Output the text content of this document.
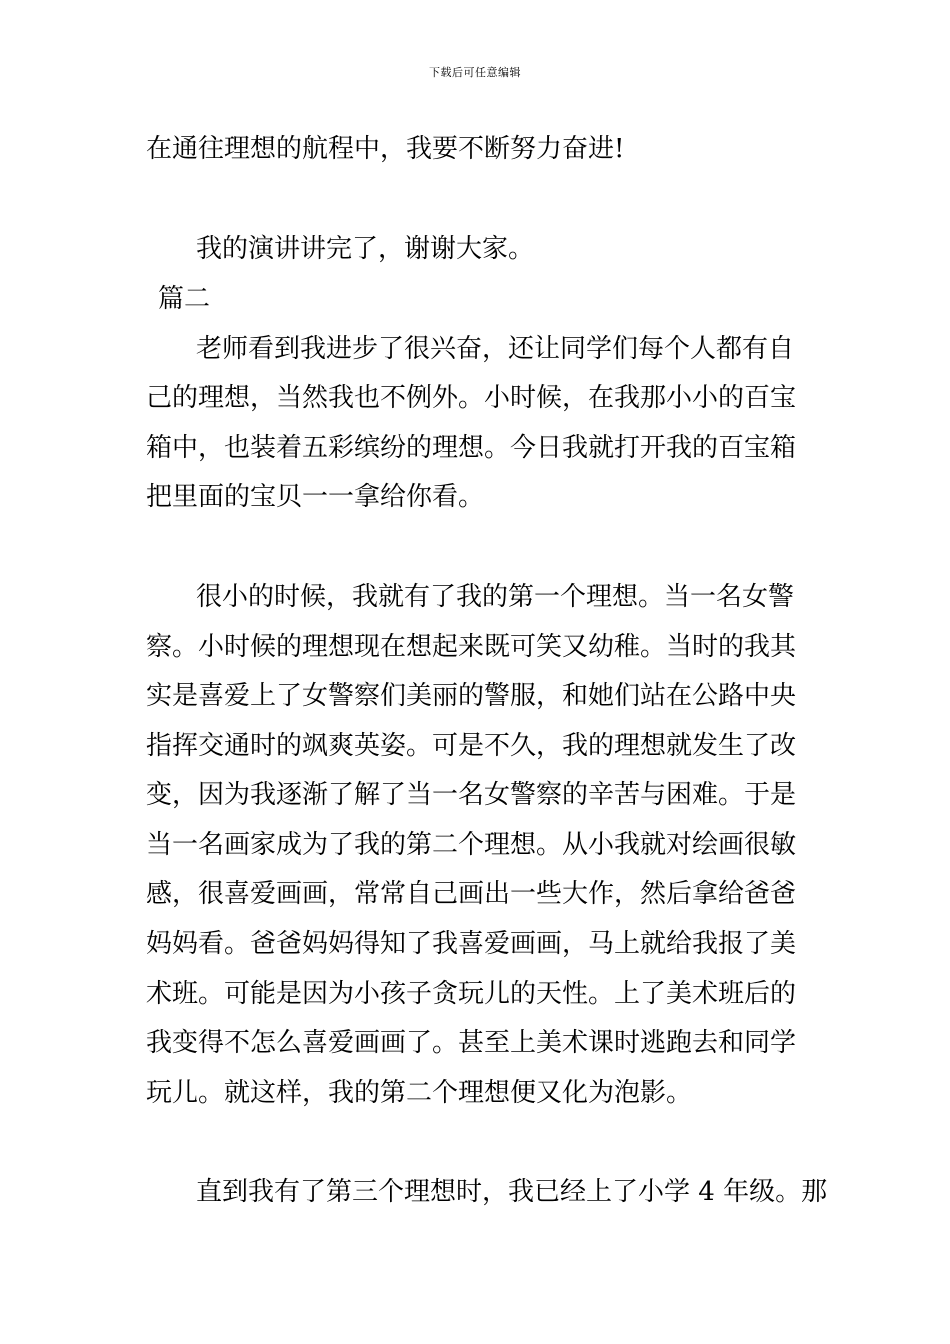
下载后可任意编辑
在通往理想的航程中，我要不断努力奋进!
我的演讲讲完了，谢谢大家。
篇二
老师看到我进步了很兴奋，还让同学们每个人都有自
己的理想，当然我也不例外。小时候，在我那小小的百宝
箱中，也装着五彩缤纷的理想。今日我就打开我的百宝箱
把里面的宝贝一一拿给你看。
很小的时候，我就有了我的第一个理想。当一名女警
察。小时候的理想现在想起来既可笑又幼稚。当时的我其
实是喜爱上了女警察们美丽的警服，和她们站在公路中央
指挥交通时的飒爽英姿。可是不久，我的理想就发生了改
变，因为我逐渐了解了当一名女警察的辛苦与困难。于是
当一名画家成为了我的第二个理想。从小我就对绘画很敏
感，很喜爱画画，常常自己画出一些大作，然后拿给爸爸
妈妈看。爸爸妈妈得知了我喜爱画画，马上就给我报了美
术班。可能是因为小孩子贪玩儿的天性。上了美术班后的
我变得不怎么喜爱画画了。甚至上美术课时逃跑去和同学
玩儿。就这样，我的第二个理想便又化为泡影。
直到我有了第三个理想时，我已经上了小学 4 年级。那
